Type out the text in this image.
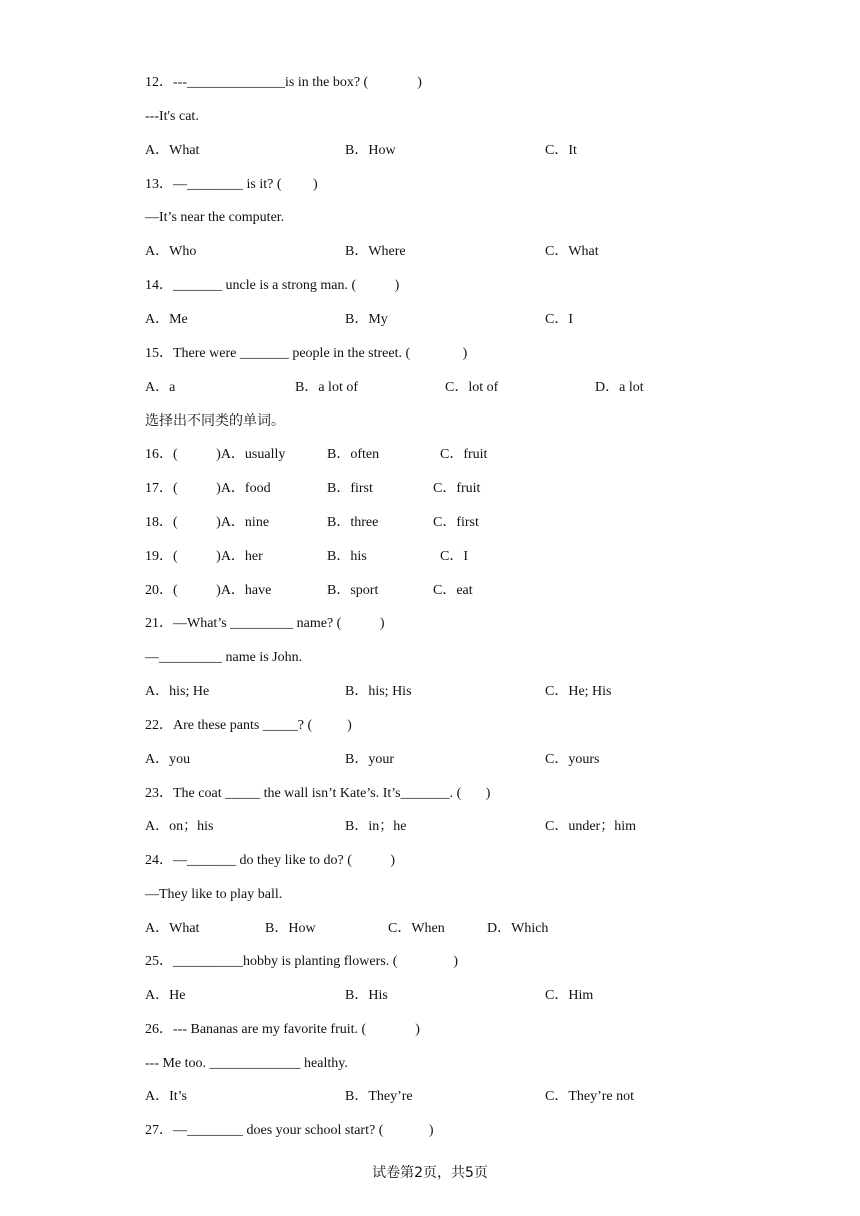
12．---______________is in the box? (              )
---It's cat.
A．What	B．How	C．It
13．—________ is it? (         )
—It’s near the computer.
A．Who	B．Where	C．What
14．_______ uncle is a strong man. (           )
A．Me	B．My	C．I
15．There were _______ people in the street. (               )
A．a	B．a lot of	C．lot of	D．a lot
选择出不同类的单词。
16．(           )A．usually	B．often	C．fruit
17．(           )A．food	B．first	C．fruit
18．(           )A．nine	B．three	C．first
19．(           )A．her	B．his	C．I
20．(           )A．have	B．sport	C．eat
21．—What’s _________ name? (           )
—_________ name is John.
A．his; He	B．his; His	C．He; His
22．Are these pants _____? (          )
A．you	B．your	C．yours
23．The coat _____ the wall isn’t Kate’s. It’s_______. (       )
A．on；his	B．in；he	C．under；him
24．—_______ do they like to do? (           )
—They like to play ball.
A．What	B．How	C．When	D．Which
25．__________hobby is planting flowers. (                )
A．He	B．His	C．Him
26．--- Bananas are my favorite fruit. (              )
--- Me too. _____________ healthy.
A．It’s	B．They’re	C．They’re not
27．—________ does your school start? (             )
试卷第2页，共5页
